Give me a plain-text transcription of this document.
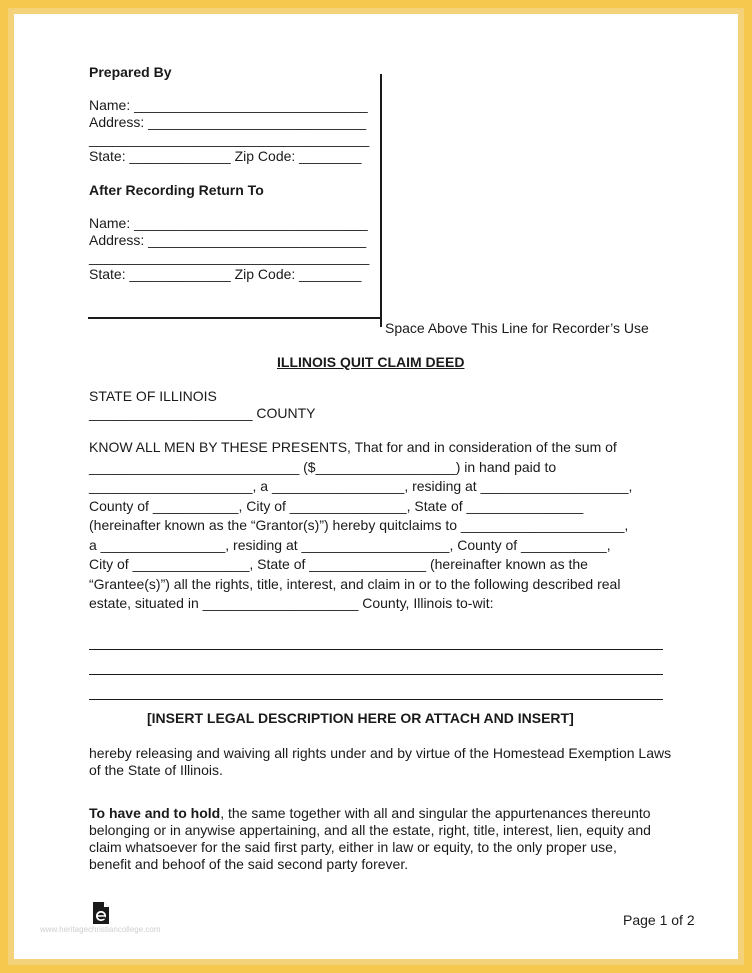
Prepared By
Name: ______________________________
Address: ____________________________
____________________________________
State: _____________ Zip Code: ________
After Recording Return To
Name: ______________________________
Address: ____________________________
____________________________________
State: _____________ Zip Code: ________
Space Above This Line for Recorder’s Use
ILLINOIS QUIT CLAIM DEED
STATE OF ILLINOIS
_____________________ COUNTY
KNOW ALL MEN BY THESE PRESENTS, That for and in consideration of the sum of
___________________________ ($__________________) in hand paid to
_____________________, a _________________, residing at ___________________,
County of ___________, City of _______________, State of _______________
(hereinafter known as the “Grantor(s)”) hereby quitclaims to _____________________,
a ________________, residing at ___________________, County of ___________,
City of _______________, State of _______________ (hereinafter known as the
“Grantee(s)”) all the rights, title, interest, and claim in or to the following described real
estate, situated in ____________________ County, Illinois to-wit:
[INSERT LEGAL DESCRIPTION HERE OR ATTACH AND INSERT]
hereby releasing and waiving all rights under and by virtue of the Homestead Exemption Laws of the State of Illinois.
To have and to hold, the same together with all and singular the appurtenances thereunto belonging or in anywise appertaining, and all the estate, right, title, interest, lien, equity and claim whatsoever for the said first party, either in law or equity, to the only proper use, benefit and behoof of the said second party forever.
www.heritagechristiancollege.com
Page 1 of 2
